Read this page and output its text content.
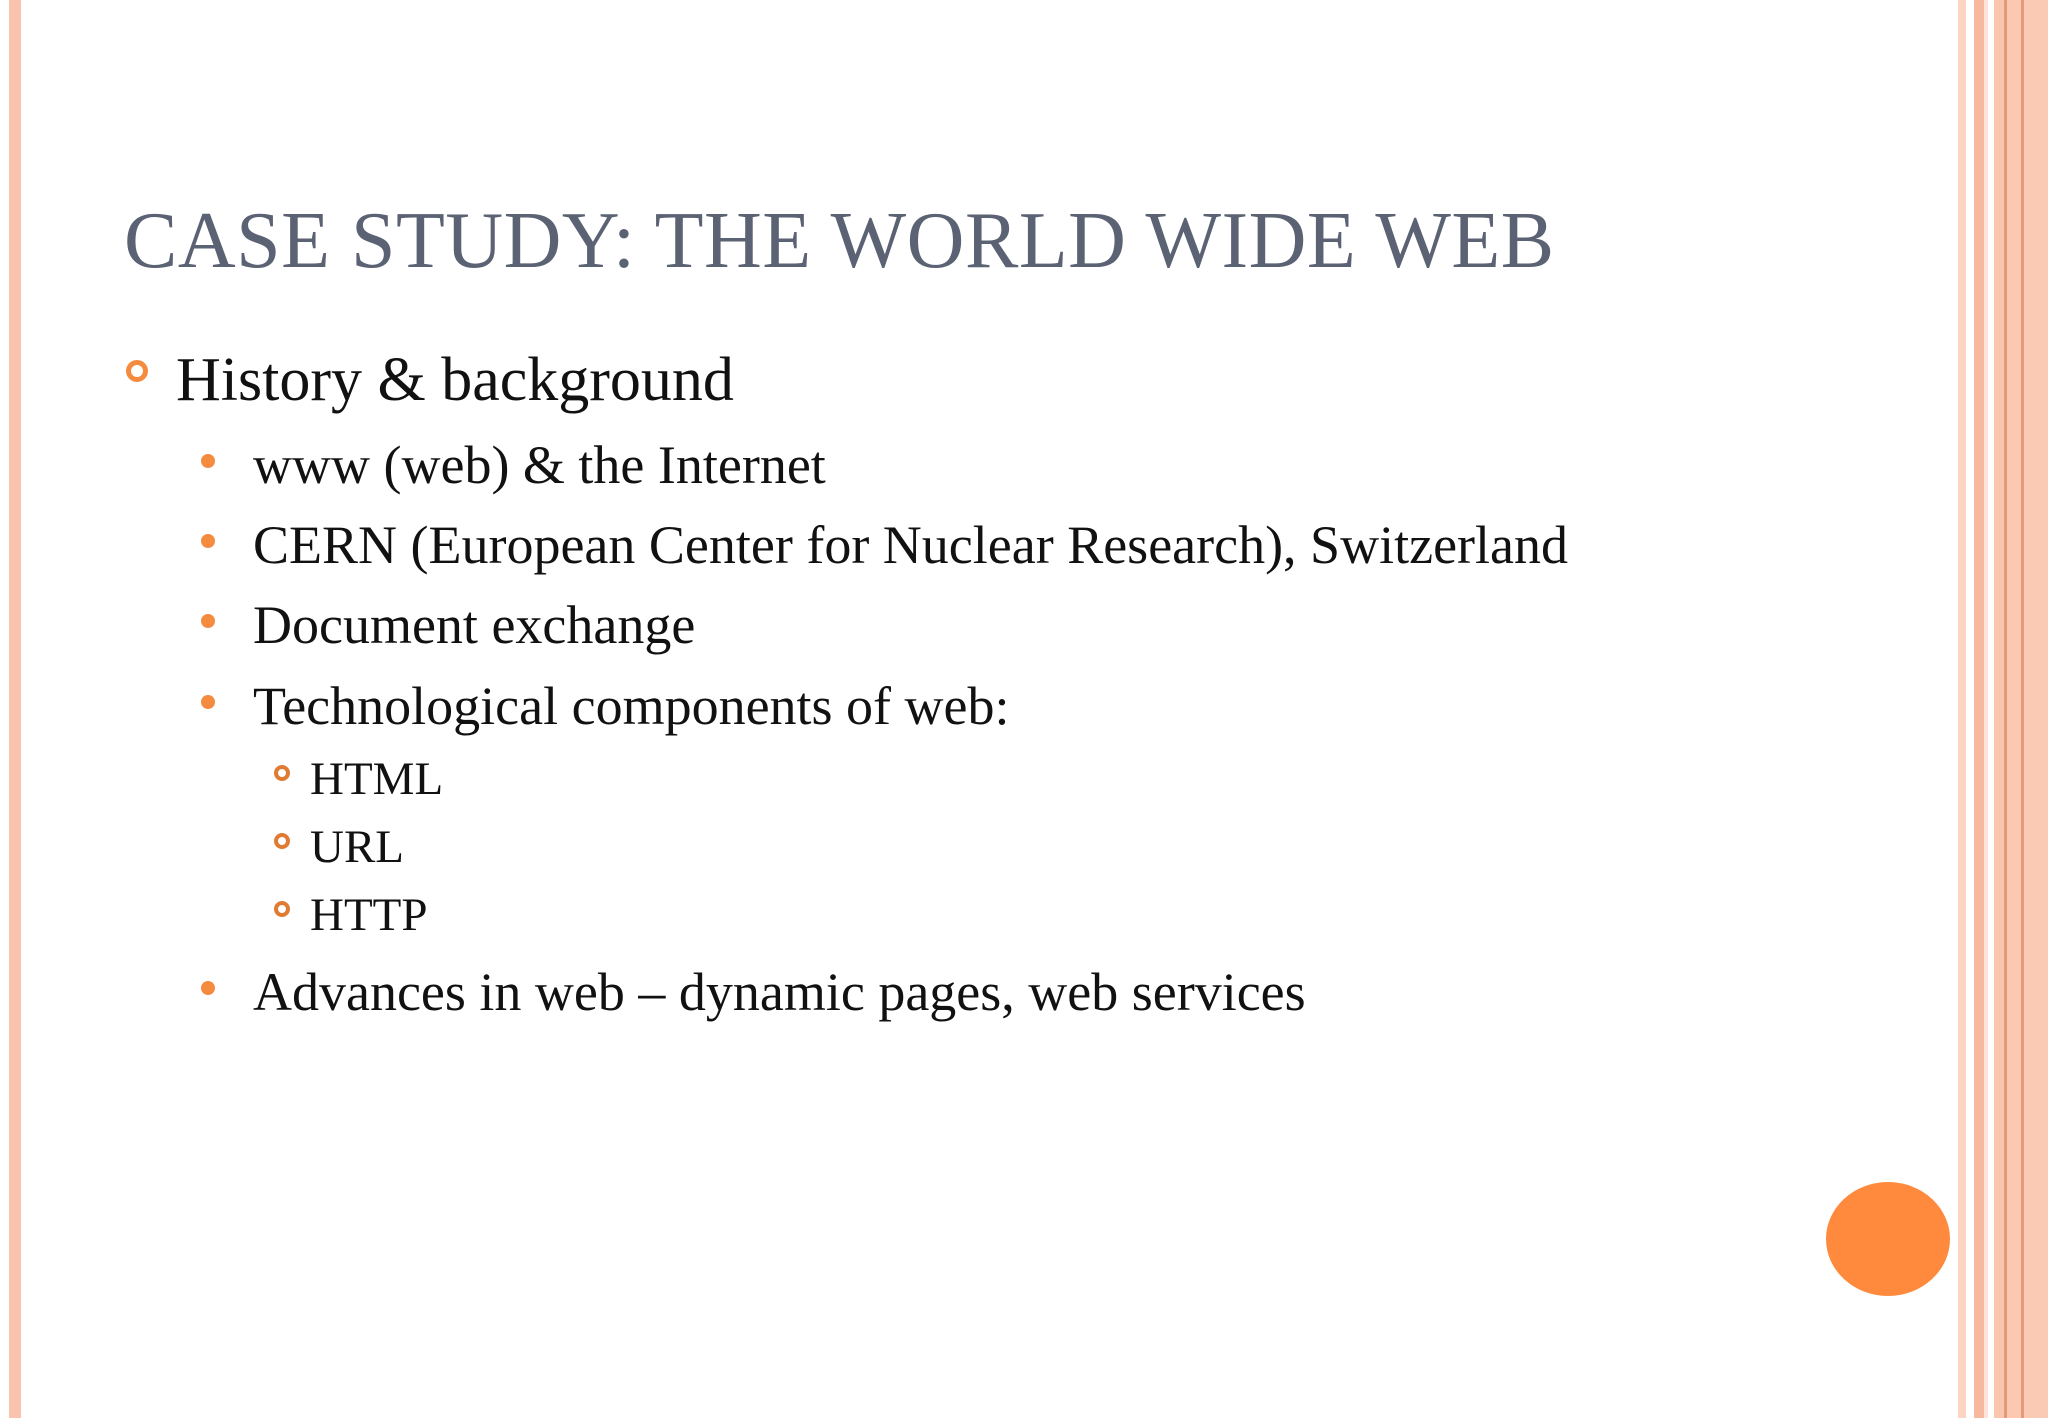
CASE STUDY: THE WORLD WIDE WEB
History & background
www (web) & the Internet
CERN (European Center for Nuclear Research), Switzerland
Document exchange
Technological components of web:
HTML
URL
HTTP
Advances in web – dynamic pages, web services
